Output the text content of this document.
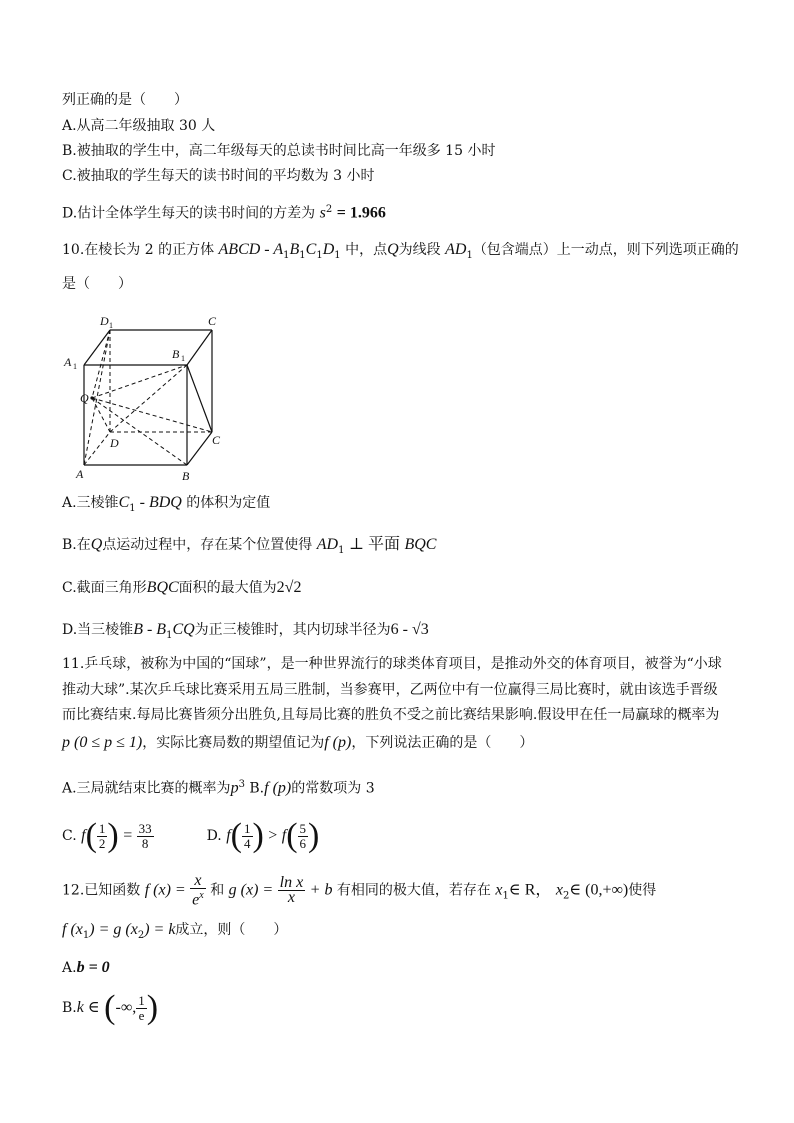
列正确的是（　　）
A.从高二年级抽取 30 人
B.被抽取的学生中，高二年级每天的总读书时间比高一年级多 15 小时
C.被抽取的学生每天的读书时间的平均数为 3 小时
D.估计全体学生每天的读书时间的方差为 $s^2 = 1.966$
10.在棱长为 2 的正方体 ABCD - $A_1B_1C_1D_1$ 中，点Q为线段 $AD_1$（包含端点）上一动点，则下列选项正确的
是（　　）
D 1	C
A 1
B 1
Q
D	C
A	B
A.三棱锥$C_1$ - BDQ 的体积为定值
B.在Q点运动过程中，存在某个位置使得 $AD_1$ ⊥ 平面 BQC
C.截面三角形BQC面积的最大值为2√2
D.当三棱锥B - $B_1CQ$为正三棱锥时，其内切球半径为6 - √3
11.乒乓球，被称为中国的“国球”，是一种世界流行的球类体育项目，是推动外交的体育项目，被誉为“小球
推动大球”.某次乒乓球比赛采用五局三胜制，当参赛甲，乙两位中有一位赢得三局比赛时，就由该选手晋级
而比赛结束.每局比赛皆须分出胜负,且每局比赛的胜负不受之前比赛结果影响.假设甲在任一局赢球的概率为
p (0 ≤ p ≤ 1)，实际比赛局数的期望值记为f (p)，下列说法正确的是（　　）
A.三局就结束比赛的概率为$p^3$ B.f (p)的常数项为 3
C. $f( \frac{1}{2}$ ) = $\frac{33}{8}$	D. $f( \frac{1}{4}$ ) > $f( \frac{5}{6}$ )
12.已知函数 f $(x) = \frac{x}{e^x}$ 和 g $(x) = \frac{\text{ln x}}{x} + b$ 有相同的极大值，若存在 $x_1\in$ R， $x_2\in$ (0,+∞)使得
f $(x_1) = g$ $(x_2) = k$成立，则（　　）
A.b = 0
B.k ∈ (-∞, $\frac{1}{e}$ )
